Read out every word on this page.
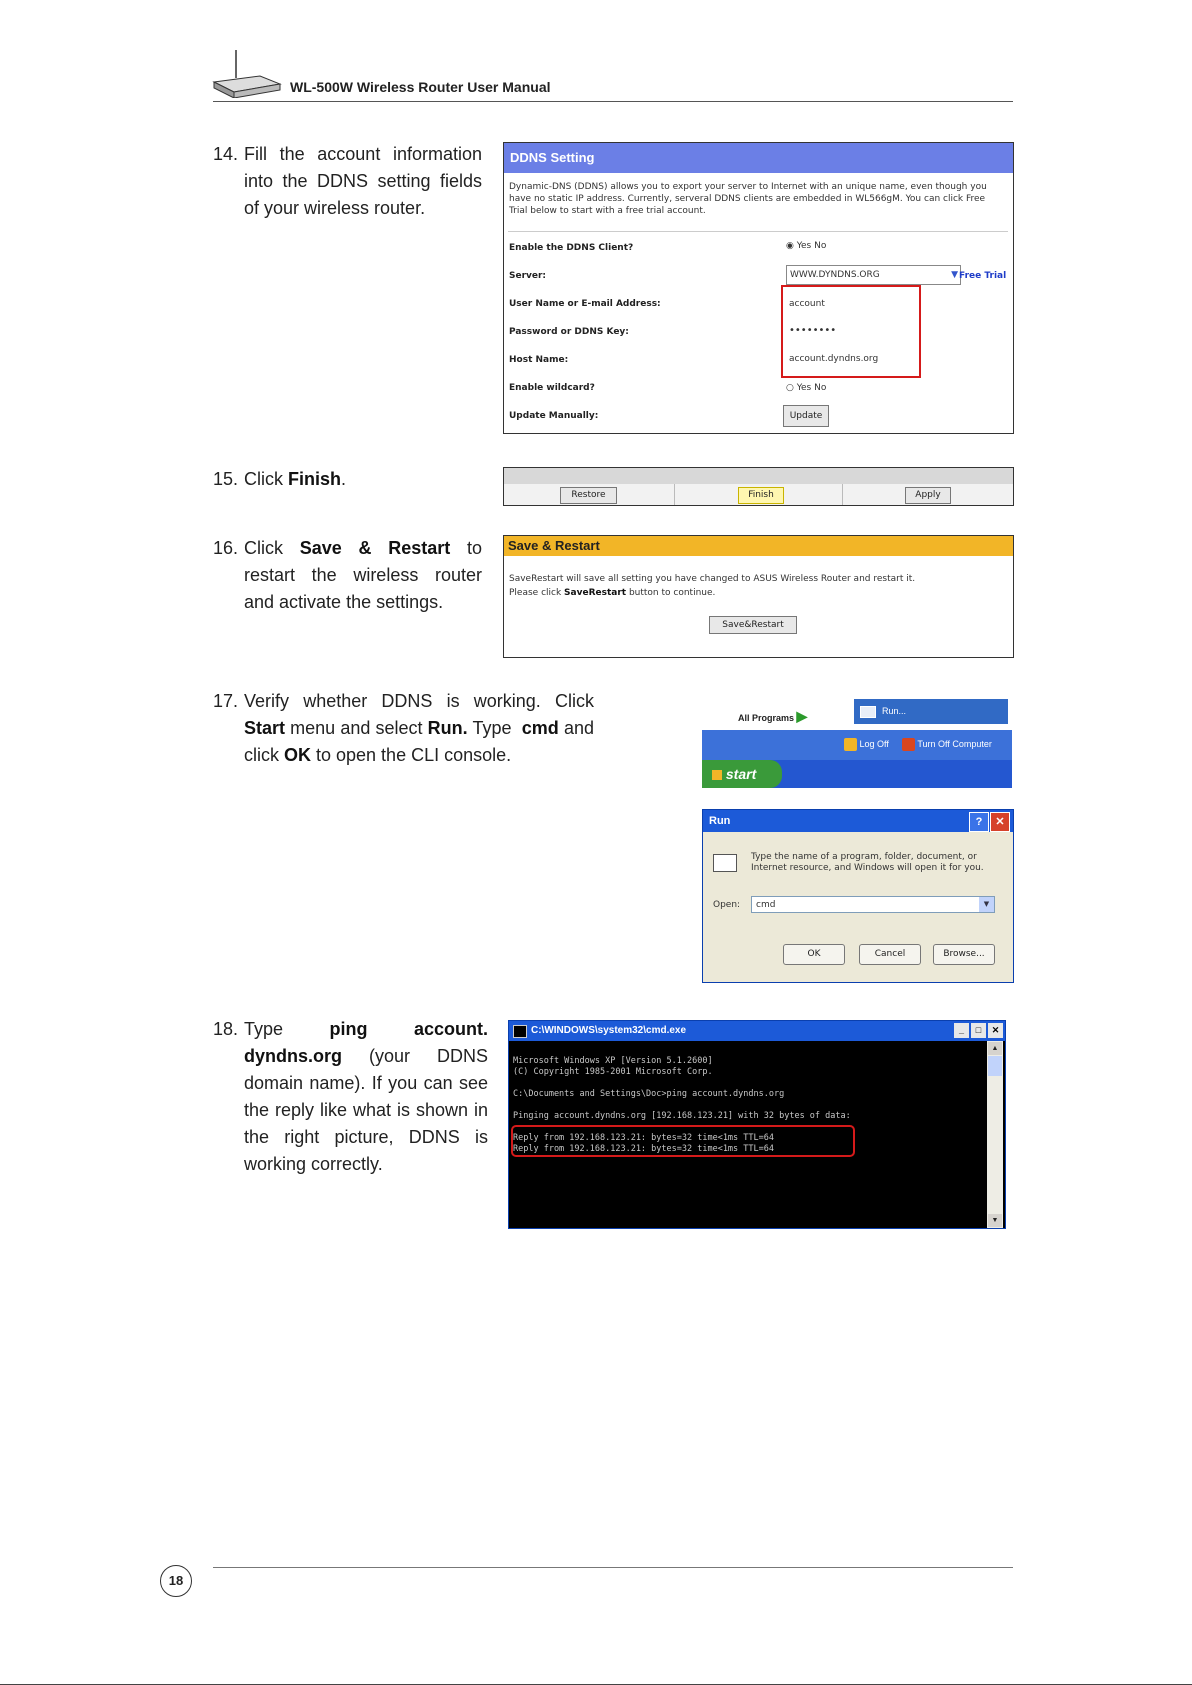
WL-500W Wireless Router User Manual
14. Fill the account information into the DDNS setting fields of your wireless router.
DDNS Setting
Dynamic-DNS (DDNS) allows you to export your server to Internet with an unique name, even though you have no static IP address. Currently, serveral DDNS clients are embedded in WL566gM. You can click Free Trial below to start with a free trial account.
Enable the DDNS Client?	◉ Yes No
Server:	WWW.DYNDNS.ORG	▼ Free Trial
User Name or E-mail Address:	account
Password or DDNS Key:	••••••••
Host Name:	account.dyndns.org
Enable wildcard?	○ Yes No
Update Manually:	Update
15. Click Finish.
Restore	Finish	Apply
16. Click Save & Restart to restart the wireless router and activate the settings.
Save & Restart
SaveRestart will save all setting you have changed to ASUS Wireless Router and restart it.
Please click SaveRestart button to continue.
Save&Restart
17. Verify whether DDNS is working. Click Start menu and select Run. Type  cmd and click OK to open the CLI console.
All Programs ▶	Run...
Log Off	Turn Off Computer
start
Run	?	✕
Type the name of a program, folder, document, or Internet resource, and Windows will open it for you.
Open:	cmd	▼
OK	Cancel	Browse...
18. Type ping account. dyndns.org (your DDNS domain name). If you can see the reply like what is shown in the right picture, DDNS is working correctly.
C:\WINDOWS\system32\cmd.exe	_	□	✕

Microsoft Windows XP [Version 5.1.2600]
(C) Copyright 1985-2001 Microsoft Corp.

C:\Documents and Settings\Doc>ping account.dyndns.org

Pinging account.dyndns.org [192.168.123.21] with 32 bytes of data:

Reply from 192.168.123.21: bytes=32 time<1ms TTL=64
Reply from 192.168.123.21: bytes=32 time<1ms TTL=64

▲
▼
18
